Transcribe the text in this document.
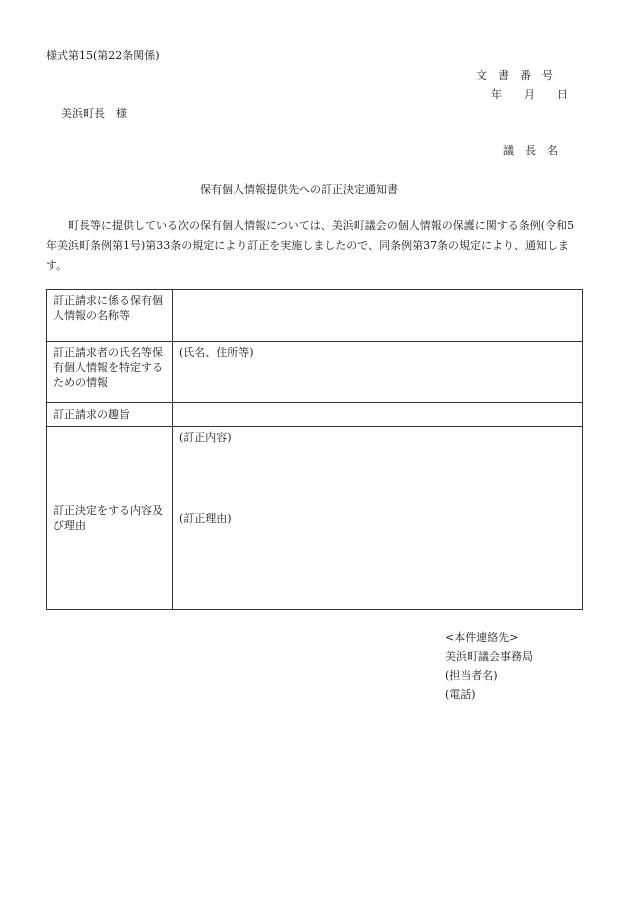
様式第15(第22条関係)
文　書　番　号
年　　月　　日
美浜町長　様
議　長　名
保有個人情報提供先への訂正決定通知書

町長等に提供している次の保有個人情報については、美浜町議会の個人情報の保護に関する条例(令和5年美浜町条例第1号)第33条の規定により訂正を実施しましたので、同条例第37条の規定により、通知します。

訂正請求に係る保有個人情報の名称等	
訂正請求者の氏名等保有個人情報を特定するための情報	(氏名、住所等)
訂正請求の趣旨	
訂正決定をする内容及び理由	(訂正内容)
(訂正理由)
<本件連絡先>
美浜町議会事務局
(担当者名)
(電話)
